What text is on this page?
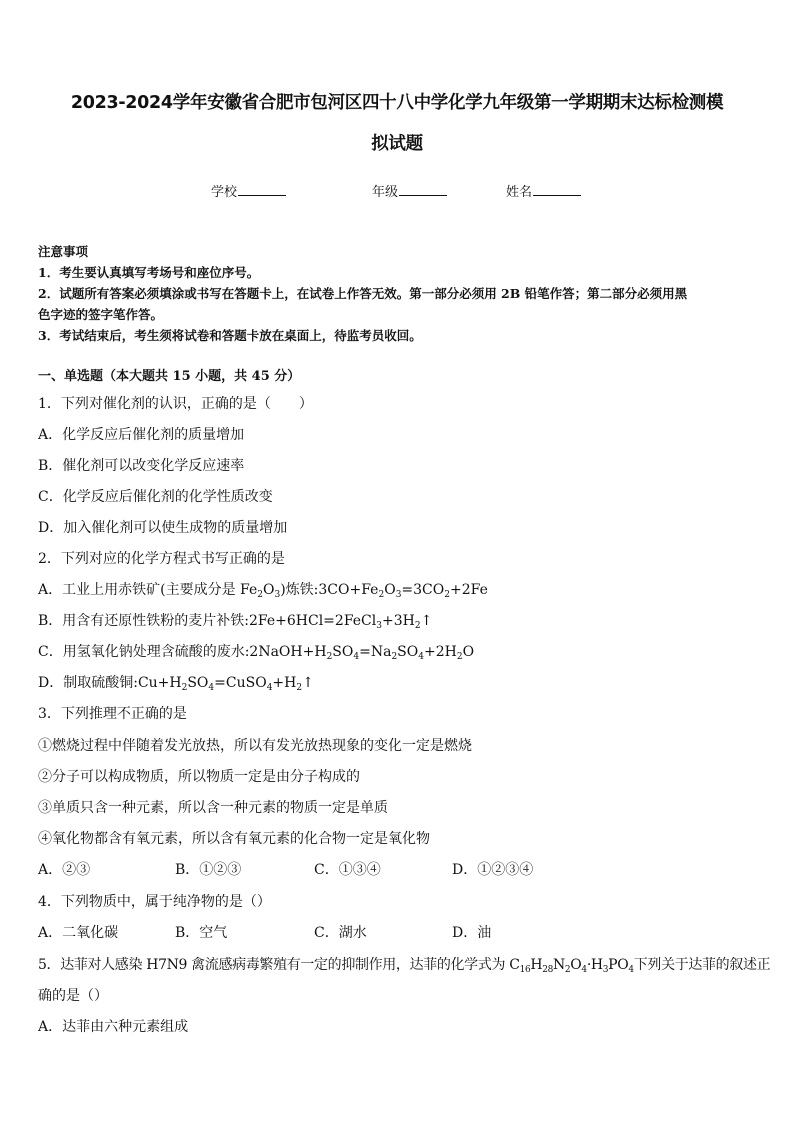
2023-2024学年安徽省合肥市包河区四十八中学化学九年级第一学期期末达标检测模
拟试题
学校	年级	姓名
注意事项
1．考生要认真填写考场号和座位序号。
2．试题所有答案必须填涂或书写在答题卡上，在试卷上作答无效。第一部分必须用 2B 铅笔作答；第二部分必须用黑
色字迹的签字笔作答。
3．考试结束后，考生须将试卷和答题卡放在桌面上，待监考员收回。
一、单选题（本大题共 15 小题，共 45 分）
1．下列对催化剂的认识，正确的是（　　）
A．化学反应后催化剂的质量增加
B．催化剂可以改变化学反应速率
C．化学反应后催化剂的化学性质改变
D．加入催化剂可以使生成物的质量增加
2．下列对应的化学方程式书写正确的是
A．工业上用赤铁矿(主要成分是 $Fe_2O_3$)炼铁$:3CO+Fe_2O_3=3CO_2+2Fe$
B．用含有还原性铁粉的麦片补铁$:2Fe+6HCl=2FeCl_3+3H_2↑$
C．用氢氧化钠处理含硫酸的废水$:2NaOH+H_2SO_4=Na_2SO_4+2H_2O$
D．制取硫酸铜$:Cu+H_2SO_4=CuSO_4+H_2↑$
3．下列推理不正确的是
①燃烧过程中伴随着发光放热，所以有发光放热现象的变化一定是燃烧
②分子可以构成物质，所以物质一定是由分子构成的
③单质只含一种元素，所以含一种元素的物质一定是单质
④氧化物都含有氧元素，所以含有氧元素的化合物一定是氧化物
A．②③	B．①②③	C．①③④	D．①②③④
4．下列物质中，属于纯净物的是（）
A．二氧化碳	B．空气	C．湖水	D．油
5．达菲对人感染 H7N9 禽流感病毒繁殖有一定的抑制作用，达菲的化学式为 $C_{16}H_{28}N_2O_4\cdot H_3PO_4$下列关于达菲的叙述正
确的是（）
A．达菲由六种元素组成
